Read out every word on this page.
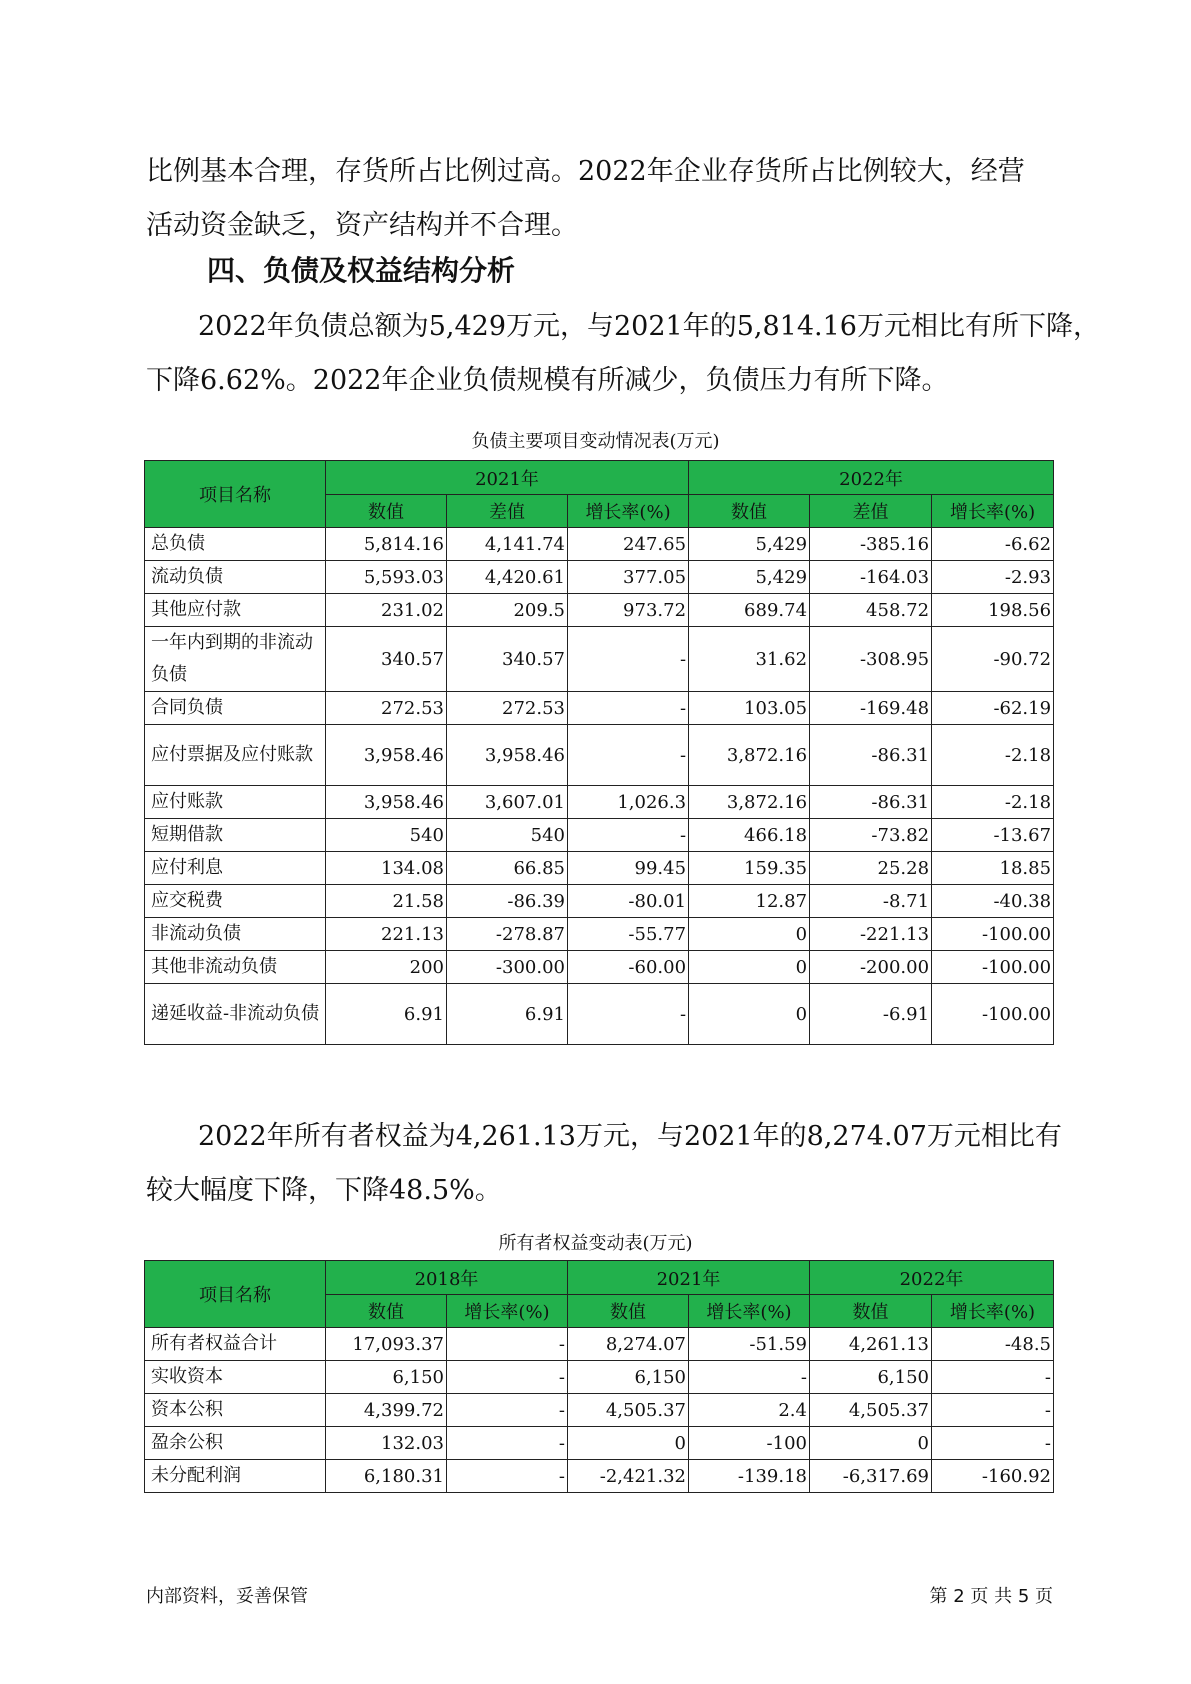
比例基本合理，存货所占比例过高。2022年企业存货所占比例较大，经营
活动资金缺乏，资产结构并不合理。

四、负债及权益结构分析

2022年负债总额为5,429万元，与2021年的5,814.16万元相比有所下降，
下降6.62%。2022年企业负债规模有所减少，负债压力有所下降。

负债主要项目变动情况表(万元)
项目名称	2021年			2022年		
	数值	差值	增长率(%)	数值	差值	增长率(%)
总负债	5,814.16	4,141.74	247.65	5,429	-385.16	-6.62
流动负债	5,593.03	4,420.61	377.05	5,429	-164.03	-2.93
其他应付款	231.02	209.5	973.72	689.74	458.72	198.56
一年内到期的非流动负债	340.57	340.57	-	31.62	-308.95	-90.72
合同负债	272.53	272.53	-	103.05	-169.48	-62.19
应付票据及应付账款	3,958.46	3,958.46	-	3,872.16	-86.31	-2.18
应付账款	3,958.46	3,607.01	1,026.3	3,872.16	-86.31	-2.18
短期借款	540	540	-	466.18	-73.82	-13.67
应付利息	134.08	66.85	99.45	159.35	25.28	18.85
应交税费	21.58	-86.39	-80.01	12.87	-8.71	-40.38
非流动负债	221.13	-278.87	-55.77	0	-221.13	-100.00
其他非流动负债	200	-300.00	-60.00	0	-200.00	-100.00
递延收益-非流动负债	6.91	6.91	-	0	-6.91	-100.00

2022年所有者权益为4,261.13万元，与2021年的8,274.07万元相比有
较大幅度下降，下降48.5%。

所有者权益变动表(万元)
项目名称	2018年		2021年		2022年	
	数值	增长率(%)	数值	增长率(%)	数值	增长率(%)
所有者权益合计	17,093.37	-	8,274.07	-51.59	4,261.13	-48.5
实收资本	6,150	-	6,150	-	6,150	-
资本公积	4,399.72	-	4,505.37	2.4	4,505.37	-
盈余公积	132.03	-	0	-100	0	-
未分配利润	6,180.31	-	-2,421.32	-139.18	-6,317.69	-160.92
内部资料，妥善保管	第 2 页 共 5 页
